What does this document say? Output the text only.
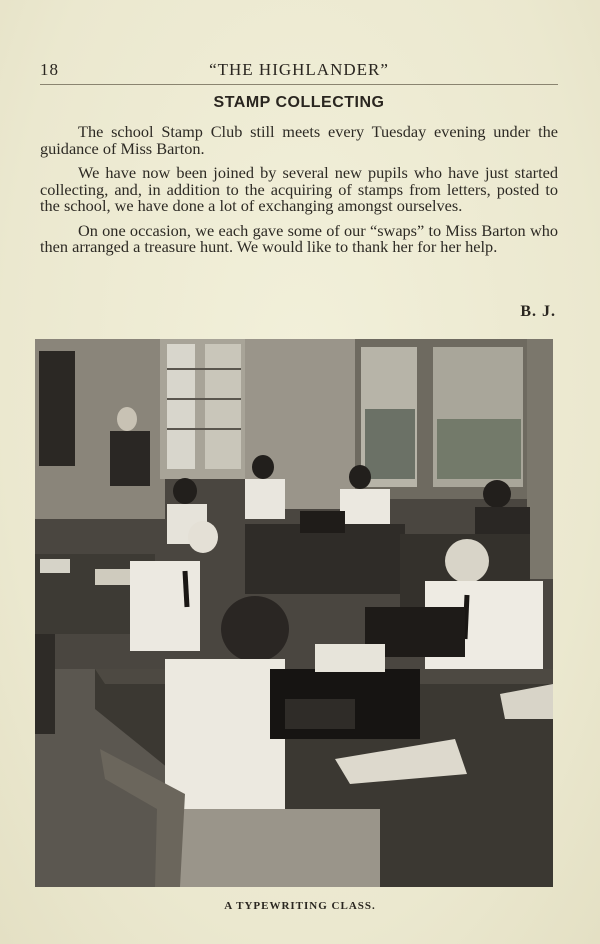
18	“THE HIGHLANDER”
STAMP COLLECTING

The school Stamp Club still meets every Tuesday evening under the guidance of Miss Barton.

We have now been joined by several new pupils who have just started collecting, and, in addition to the acquiring of stamps from letters, posted to the school, we have done a lot of exchanging amongst ourselves.

On one occasion, we each gave some of our “swaps” to Miss Barton who then arranged a treasure hunt. We would like to thank her for her help.

B. J.
A TYPEWRITING CLASS.
